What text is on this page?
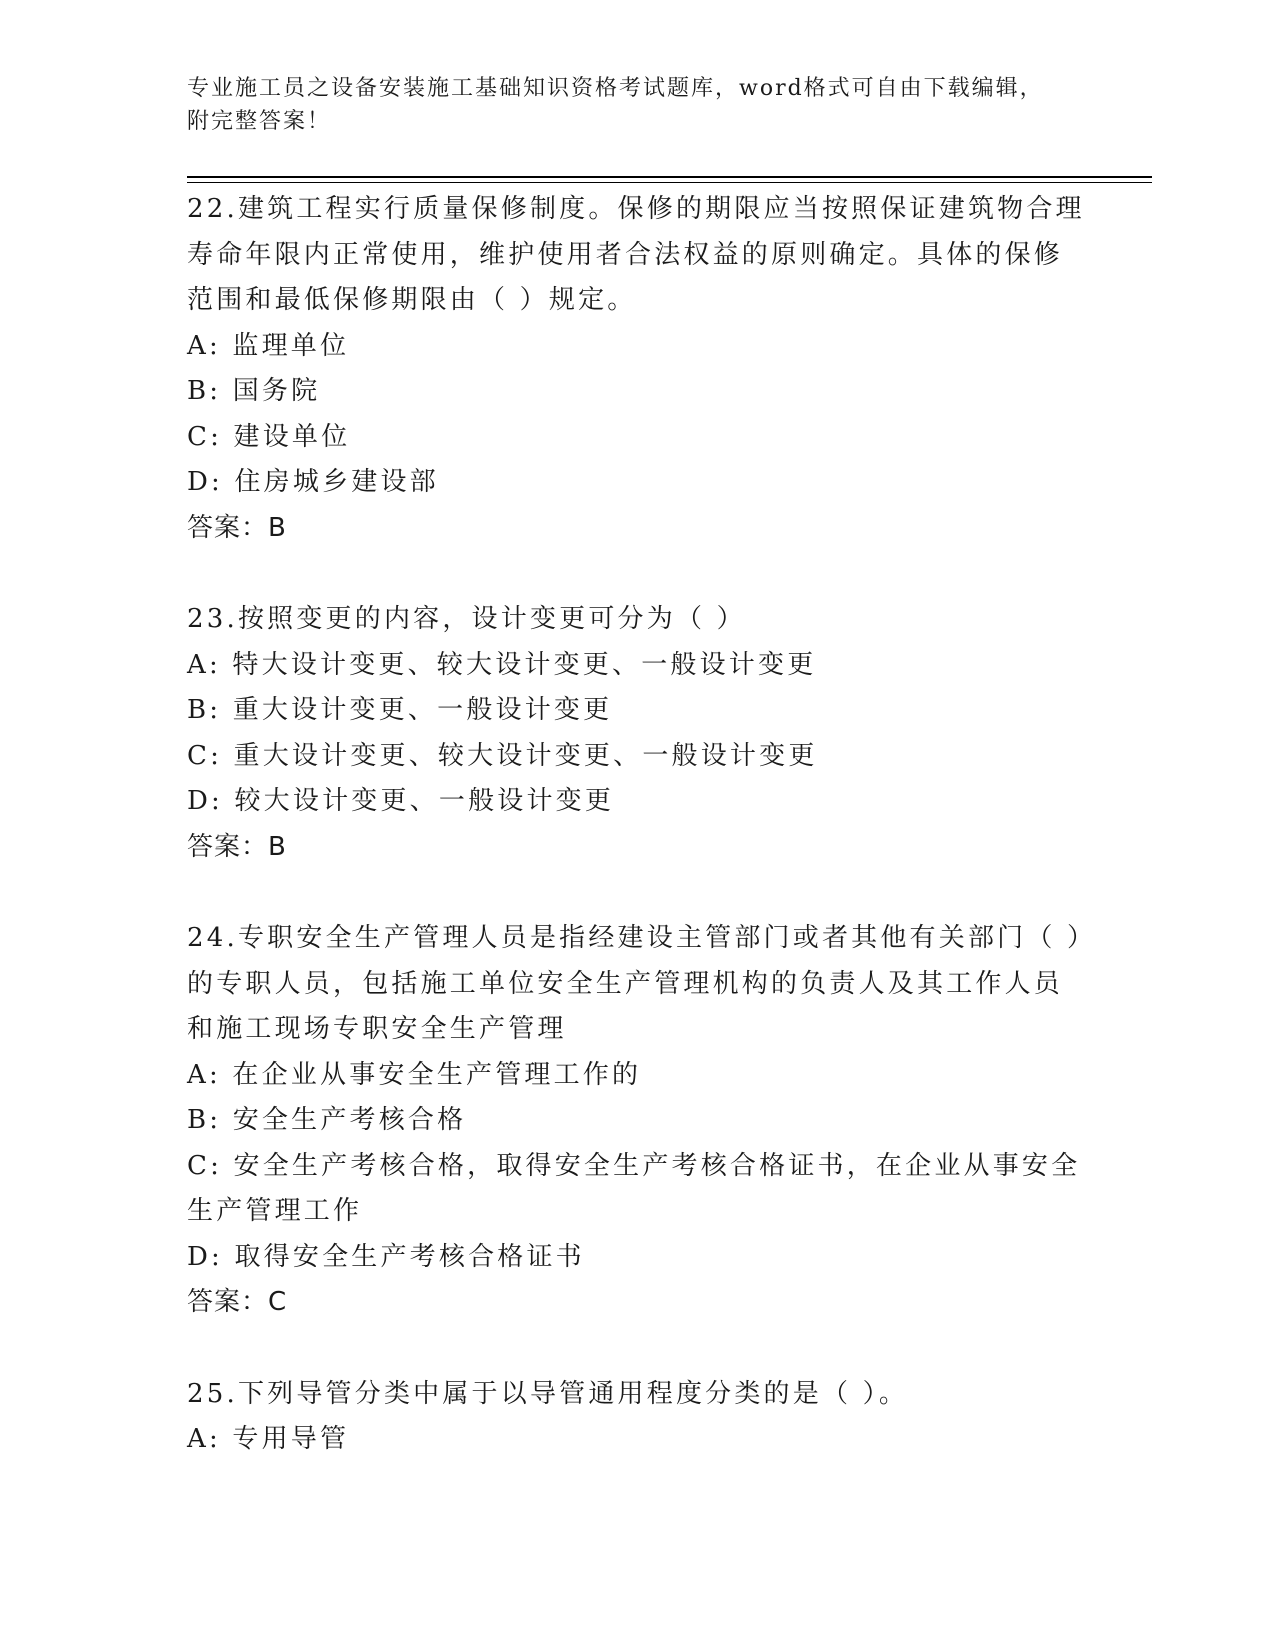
专业施工员之设备安装施工基础知识资格考试题库，word格式可自由下载编辑，
附完整答案！
22.建筑工程实行质量保修制度。保修的期限应当按照保证建筑物合理寿命年限内正常使用，维护使用者合法权益的原则确定。具体的保修范围和最低保修期限由（ ）规定。
A: 监理单位
B: 国务院
C: 建设单位
D: 住房城乡建设部
答案：B
23.按照变更的内容，设计变更可分为（ ）
A: 特大设计变更、较大设计变更、一般设计变更
B: 重大设计变更、一般设计变更
C: 重大设计变更、较大设计变更、一般设计变更
D: 较大设计变更、一般设计变更
答案：B
24.专职安全生产管理人员是指经建设主管部门或者其他有关部门（ ）的专职人员，包括施工单位安全生产管理机构的负责人及其工作人员和施工现场专职安全生产管理
A: 在企业从事安全生产管理工作的
B: 安全生产考核合格
C: 安全生产考核合格，取得安全生产考核合格证书，在企业从事安全生产管理工作
D: 取得安全生产考核合格证书
答案：C
25.下列导管分类中属于以导管通用程度分类的是（ ）。
A: 专用导管
